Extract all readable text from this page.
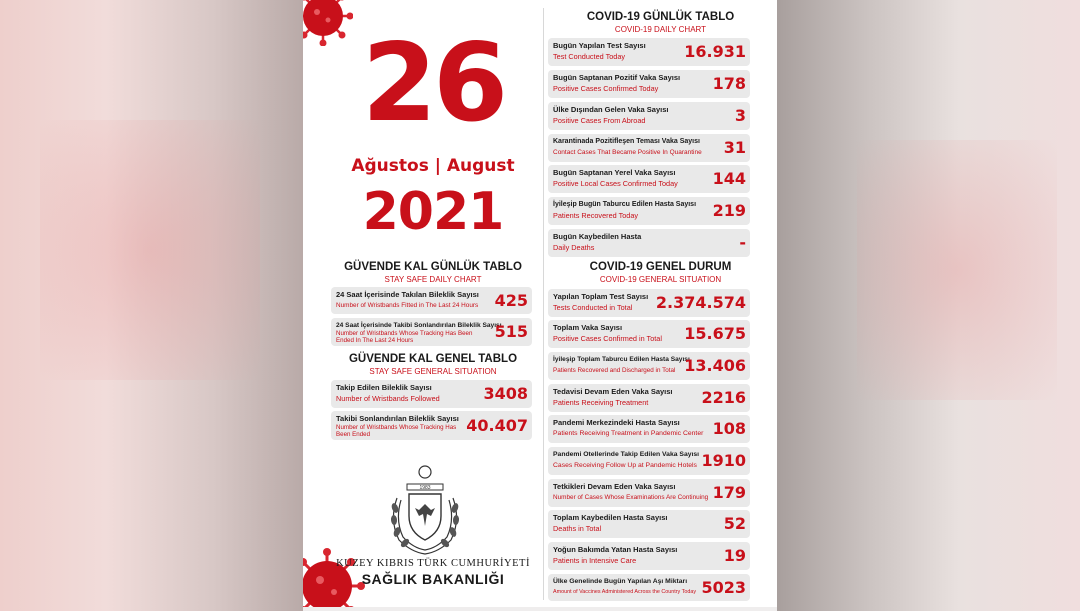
26
Ağustos | August
2021
GÜVENDE KAL GÜNLÜK TABLO
STAY SAFE DAILY CHART
24 Saat İçerisinde Takılan Bileklik Sayısı
Number of Wristbands Fitted in The Last 24 Hours 425
24 Saat İçerisinde Takibi Sonlandırılan Bileklik Sayısı
Number of Wristbands Whose Tracking Has Been Ended In The Last 24 Hours	515
GÜVENDE KAL GENEL TABLO
STAY SAFE GENERAL SITUATION
Takip Edilen Bileklik Sayısı
Number of Wristbands Followed	3408
Takibi Sonlandırılan Bileklik Sayısı
Number of Wristbands Whose Tracking Has Been Ended
40.407
1983
KUZEY KIBRIS TÜRK CUMHURİYETİ
SAĞLIK BAKANLIĞI
COVID-19 GÜNLÜK TABLO
COVID-19 DAILY CHART
Bugün Yapılan Test Sayısı
Test Conducted Today	16.931
Bugün Saptanan Pozitif Vaka Sayısı
Positive Cases Confirmed Today	178
Ülke Dışından Gelen Vaka Sayısı
Positive Cases From Abroad	3
Karantinada Pozitifleşen Teması Vaka Sayısı
Contact Cases That Became Positive In Quarantine 31
Bugün Saptanan Yerel Vaka Sayısı
Positive Local Cases Confirmed Today 144
İyileşip Bugün Taburcu Edilen Hasta Sayısı
Patients Recovered Today	219
Bugün Kaybedilen Hasta
Daily Deaths	-
COVID-19 GENEL DURUM
COVID-19 GENERAL SITUATION
Yapılan Toplam Test Sayısı
Tests Conducted in Total 2.374.574
Toplam Vaka Sayısı
Positive Cases Confirmed in Total 15.675
İyileşip Toplam Taburcu Edilen Hasta Sayısı
Patients Recovered and Discharged in Total 13.406
Tedavisi Devam Eden Vaka Sayısı
Patients Receiving Treatment	2216
Pandemi Merkezindeki Hasta Sayısı
Patients Receiving Treatment in Pandemic Center 108
Pandemi Otellerinde Takip Edilen Vaka Sayısı
Cases Receiving Follow Up at Pandemic Hotels 1910
Tetkikleri Devam Eden Vaka Sayısı
Number of Cases Whose Examinations Are Continuing 179
Toplam Kaybedilen Hasta Sayısı
Deaths in Total	52
Yoğun Bakımda Yatan Hasta Sayısı
Patients in Intensive Care	19
Ülke Genelinde Bugün Yapılan Aşı Miktarı
Amount of Vaccines Administered Across the Country Today 5023
